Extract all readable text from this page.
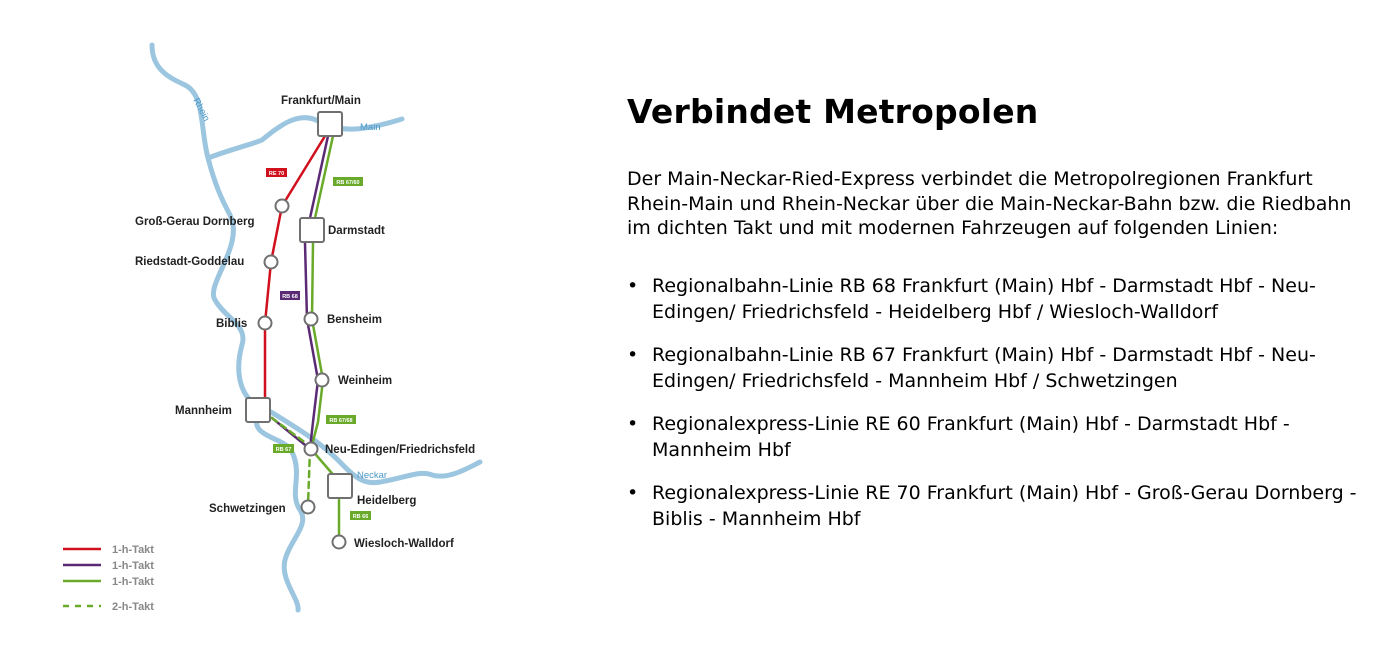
Rhein
Main
Neckar
RE 70
RB 67/60
RB 68
RB 67/68
RB 67
RB 66
Frankfurt/Main
Groß-Gerau Dornberg
Darmstadt
Riedstadt-Goddelau
Biblis	Bensheim
Weinheim
Mannheim
Neu-Edingen/Friedrichsfeld
Heidelberg
Schwetzingen
Wiesloch-Walldorf
1-h-Takt
1-h-Takt
1-h-Takt
2-h-Takt
Verbindet Metropolen

Der Main-Neckar-Ried-Express verbindet die Metropolregionen Frankfurt Rhein-Main und Rhein-Neckar über die Main-Neckar-Bahn bzw. die Riedbahn im dichten Takt und mit modernen Fahrzeugen auf folgenden Linien:

• Regionalbahn-Linie RB 68 Frankfurt (Main) Hbf - Darmstadt Hbf - Neu-Edingen/ Friedrichsfeld - Heidelberg Hbf / Wiesloch-Walldorf
• Regionalbahn-Linie RB 67 Frankfurt (Main) Hbf - Darmstadt Hbf - Neu-Edingen/ Friedrichsfeld - Mannheim Hbf / Schwetzingen
• Regionalexpress-Linie RE 60 Frankfurt (Main) Hbf - Darmstadt Hbf - Mannheim Hbf
• Regionalexpress-Linie RE 70 Frankfurt (Main) Hbf - Groß-Gerau Dornberg - Biblis - Mannheim Hbf
